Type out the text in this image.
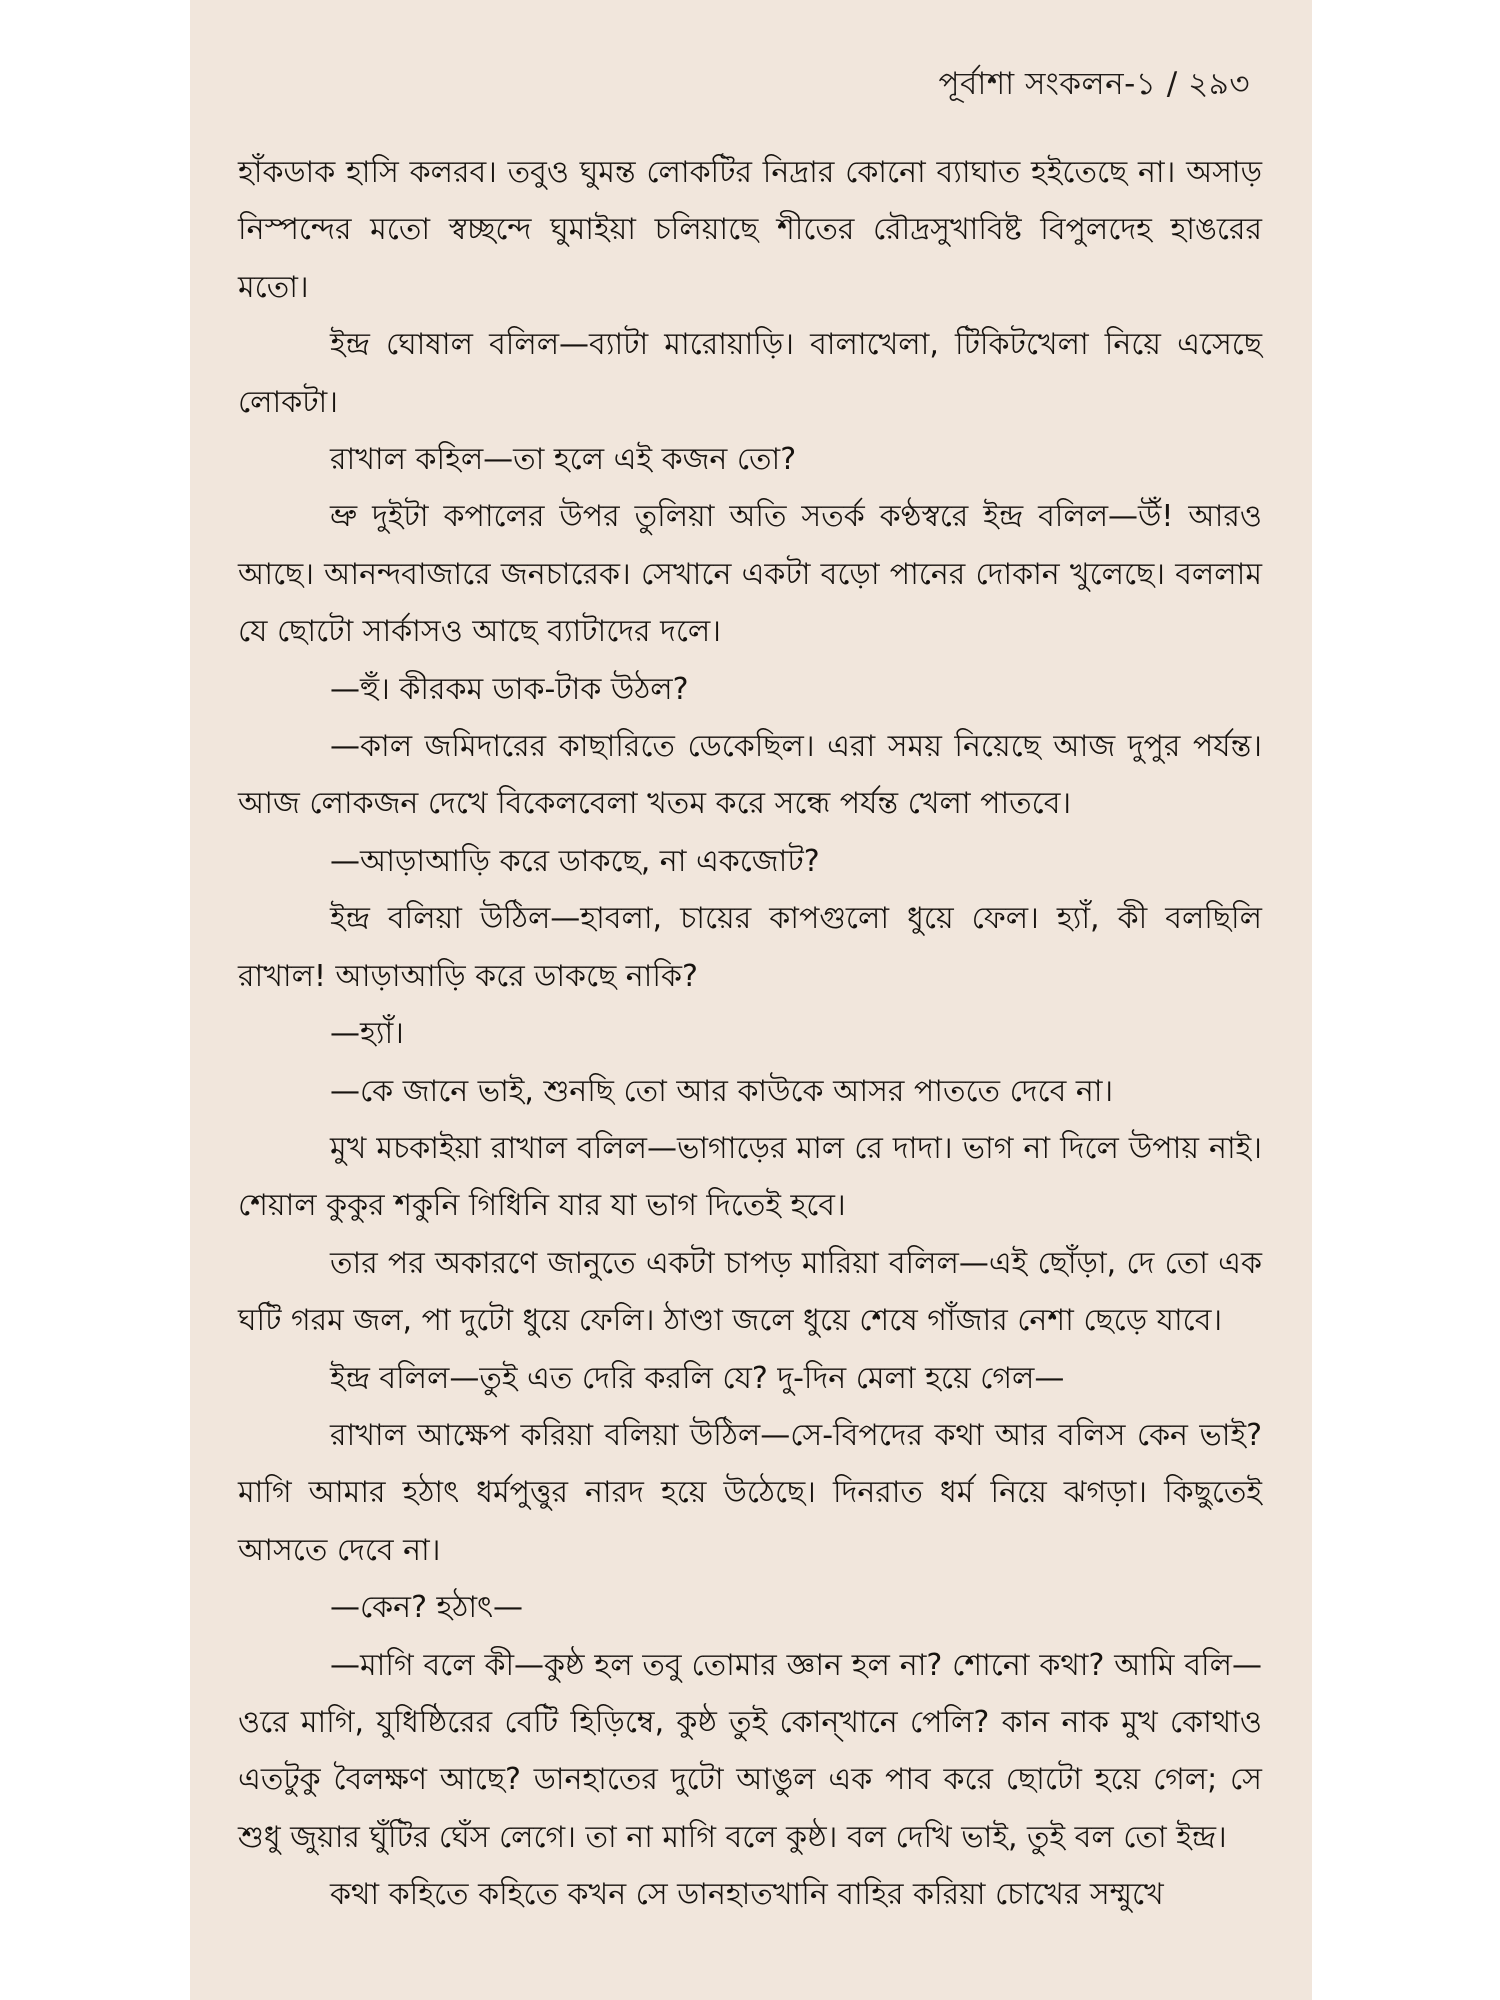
পূর্বাশা সংকলন-১ / ২৯৩

হাঁকডাক হাসি কলরব। তবুও ঘুমন্ত লোকটির নিদ্রার কোনো ব্যাঘাত হইতেছে না। অসাড় নিস্পন্দের মতো স্বচ্ছন্দে ঘুমাইয়া চলিয়াছে শীতের রৌদ্রসুখাবিষ্ট বিপুলদেহ হাঙরের মতো।

ইন্দ্র ঘোষাল বলিল—ব্যাটা মারোয়াড়ি। বালাখেলা, টিকিটখেলা নিয়ে এসেছে লোকটা।

রাখাল কহিল—তা হলে এই কজন তো?

ভ্রু দুইটা কপালের উপর তুলিয়া অতি সতর্ক কণ্ঠস্বরে ইন্দ্র বলিল—উঁ! আরও আছে। আনন্দবাজারে জনচারেক। সেখানে একটা বড়ো পানের দোকান খুলেছে। বললাম যে ছোটো সার্কাসও আছে ব্যাটাদের দলে।

—হুঁ। কীরকম ডাক-টাক উঠল?

—কাল জমিদারের কাছারিতে ডেকেছিল। এরা সময় নিয়েছে আজ দুপুর পর্যন্ত। আজ লোকজন দেখে বিকেলবেলা খতম করে সন্ধে পর্যন্ত খেলা পাতবে।

—আড়াআড়ি করে ডাকছে, না একজোট?

ইন্দ্র বলিয়া উঠিল—হাবলা, চায়ের কাপগুলো ধুয়ে ফেল। হ্যাঁ, কী বলছিলি রাখাল! আড়াআড়ি করে ডাকছে নাকি?

—হ্যাঁ।

—কে জানে ভাই, শুনছি তো আর কাউকে আসর পাততে দেবে না।

মুখ মচকাইয়া রাখাল বলিল—ভাগাড়ের মাল রে দাদা। ভাগ না দিলে উপায় নাই। শেয়াল কুকুর শকুনি গিধিনি যার যা ভাগ দিতেই হবে।

তার পর অকারণে জানুতে একটা চাপড় মারিয়া বলিল—এই ছোঁড়া, দে তো এক ঘটি গরম জল, পা দুটো ধুয়ে ফেলি। ঠাণ্ডা জলে ধুয়ে শেষে গাঁজার নেশা ছেড়ে যাবে।

ইন্দ্র বলিল—তুই এত দেরি করলি যে? দু-দিন মেলা হয়ে গেল—

রাখাল আক্ষেপ করিয়া বলিয়া উঠিল—সে-বিপদের কথা আর বলিস কেন ভাই? মাগি আমার হঠাৎ ধর্মপুত্তুর নারদ হয়ে উঠেছে। দিনরাত ধর্ম নিয়ে ঝগড়া। কিছুতেই আসতে দেবে না।

—কেন? হঠাৎ—

—মাগি বলে কী—কুষ্ঠ হল তবু তোমার জ্ঞান হল না? শোনো কথা? আমি বলি—ওরে মাগি, যুধিষ্ঠিরের বেটি হিড়িম্বে, কুষ্ঠ তুই কোন্‌খানে পেলি? কান নাক মুখ কোথাও এতটুকু বৈলক্ষণ আছে? ডানহাতের দুটো আঙুল এক পাব করে ছোটো হয়ে গেল; সে শুধু জুয়ার ঘুঁটির ঘেঁস লেগে। তা না মাগি বলে কুষ্ঠ। বল দেখি ভাই, তুই বল তো ইন্দ্র।

কথা কহিতে কহিতে কখন সে ডানহাতখানি বাহির করিয়া চোখের সম্মুখে
